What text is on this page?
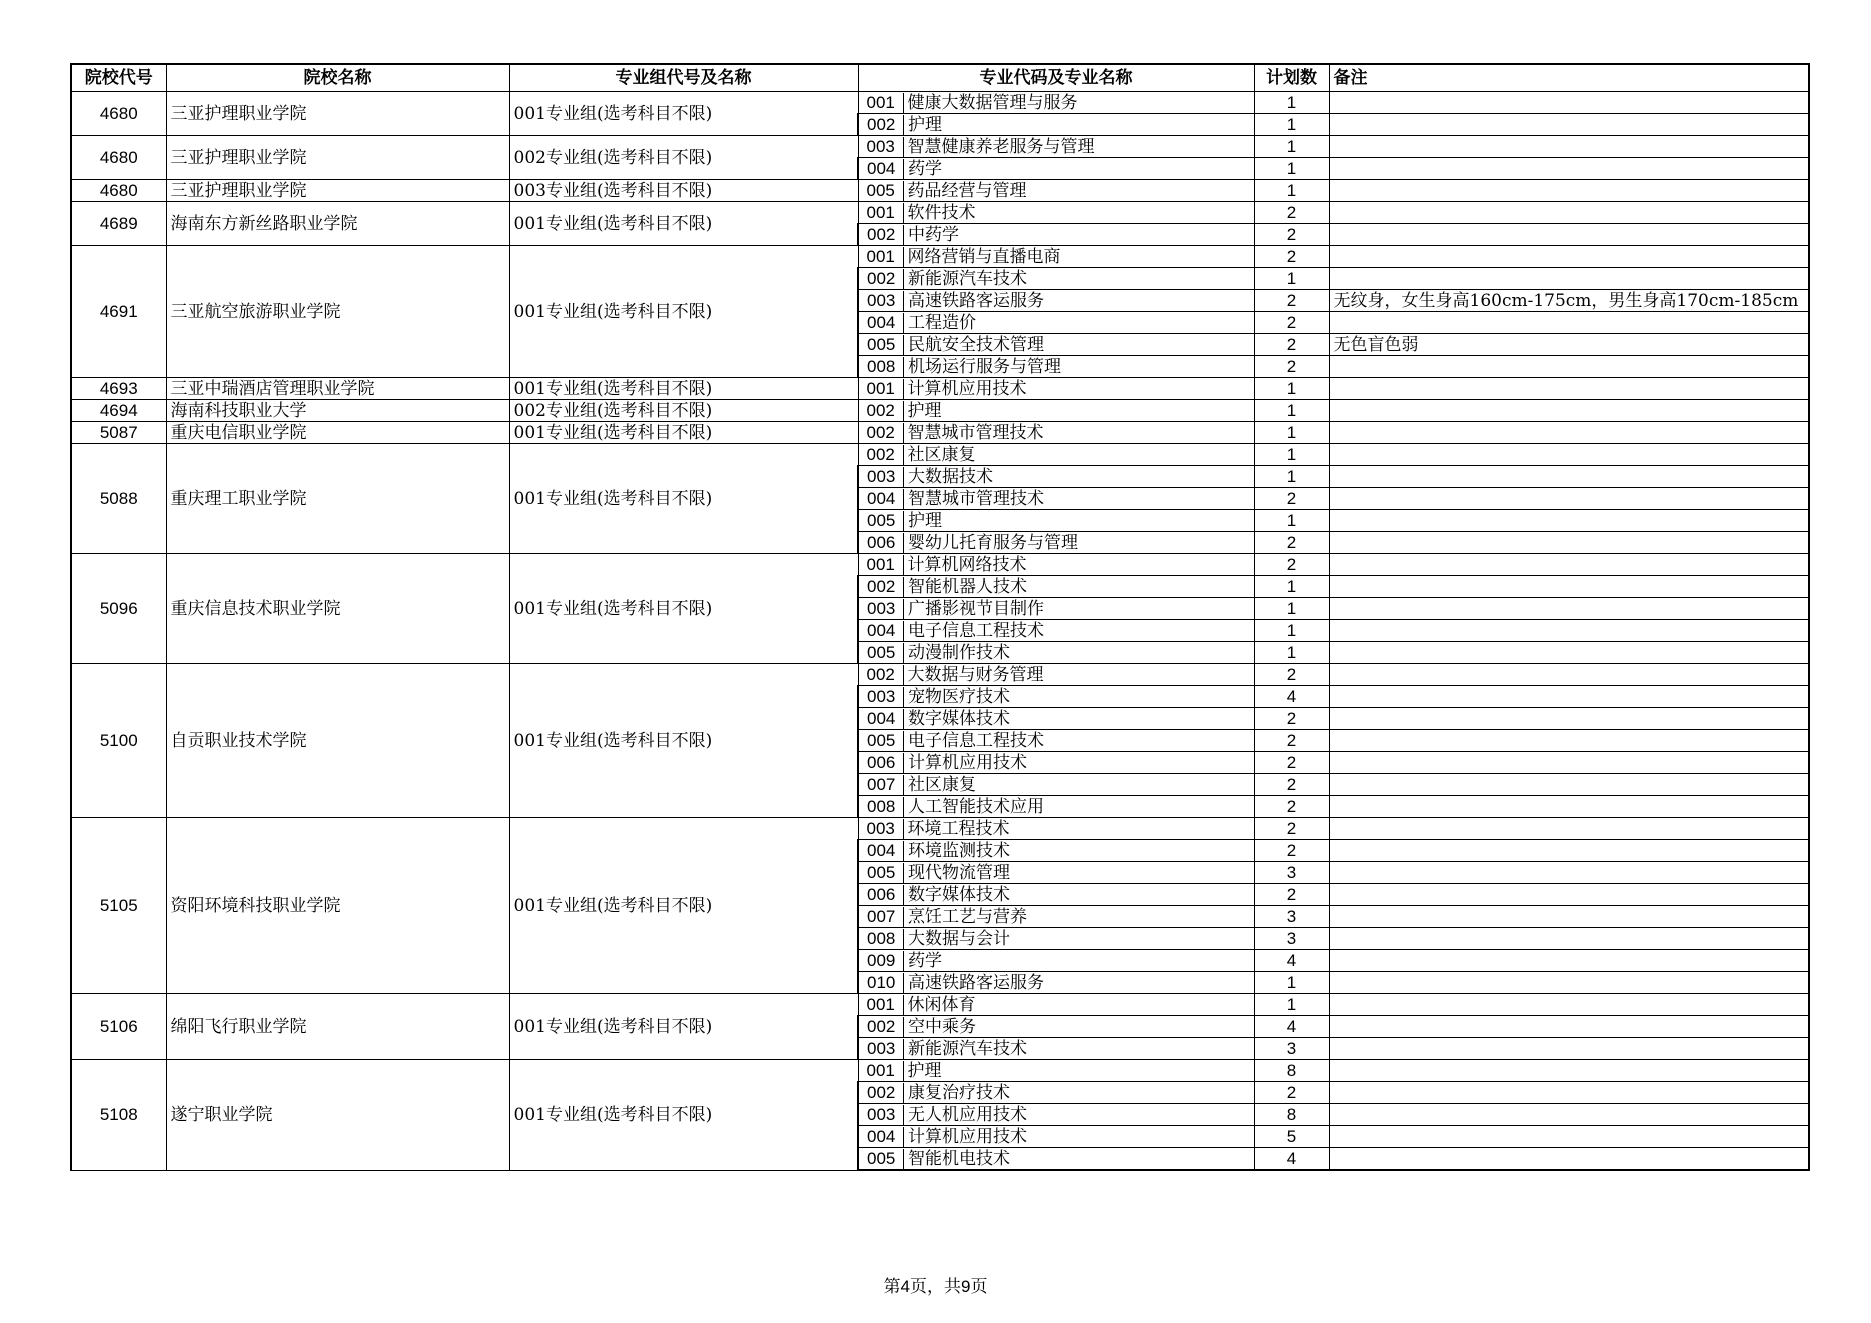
院校代号	院校名称	专业组代号及名称	专业代码及专业名称	计划数	备注
4680	三亚护理职业学院	001专业组(选考科目不限)	001 健康大数据管理与服务	1	
			002 护理	1	
4680	三亚护理职业学院	002专业组(选考科目不限)	003 智慧健康养老服务与管理	1	
			004 药学	1	
4680	三亚护理职业学院	003专业组(选考科目不限)	005 药品经营与管理	1	
4689	海南东方新丝路职业学院	001专业组(选考科目不限)	001 软件技术	2	
			002 中药学	2	
4691	三亚航空旅游职业学院	001专业组(选考科目不限)	001 网络营销与直播电商	2	
			002 新能源汽车技术	1	
			003 高速铁路客运服务	2	无纹身，女生身高160cm-175cm，男生身高170cm-185cm
			004 工程造价	2	
			005 民航安全技术管理	2	无色盲色弱
			008 机场运行服务与管理	2	
4693	三亚中瑞酒店管理职业学院	001专业组(选考科目不限)	001 计算机应用技术	1	
4694	海南科技职业大学	002专业组(选考科目不限)	002 护理	1	
5087	重庆电信职业学院	001专业组(选考科目不限)	002 智慧城市管理技术	1	
5088	重庆理工职业学院	001专业组(选考科目不限)	002 社区康复	1	
			003 大数据技术	1	
			004 智慧城市管理技术	2	
			005 护理	1	
			006 婴幼儿托育服务与管理	2	
5096	重庆信息技术职业学院	001专业组(选考科目不限)	001 计算机网络技术	2	
			002 智能机器人技术	1	
			003 广播影视节目制作	1	
			004 电子信息工程技术	1	
			005 动漫制作技术	1	
5100	自贡职业技术学院	001专业组(选考科目不限)	002 大数据与财务管理	2	
			003 宠物医疗技术	4	
			004 数字媒体技术	2	
			005 电子信息工程技术	2	
			006 计算机应用技术	2	
			007 社区康复	2	
			008 人工智能技术应用	2	
5105	资阳环境科技职业学院	001专业组(选考科目不限)	003 环境工程技术	2	
			004 环境监测技术	2	
			005 现代物流管理	3	
			006 数字媒体技术	2	
			007 烹饪工艺与营养	3	
			008 大数据与会计	3	
			009 药学	4	
			010 高速铁路客运服务	1	
5106	绵阳飞行职业学院	001专业组(选考科目不限)	001 休闲体育	1	
			002 空中乘务	4	
			003 新能源汽车技术	3	
5108	遂宁职业学院	001专业组(选考科目不限)	001 护理	8	
			002 康复治疗技术	2	
			003 无人机应用技术	8	
			004 计算机应用技术	5	
			005 智能机电技术	4	
第4页，共9页
